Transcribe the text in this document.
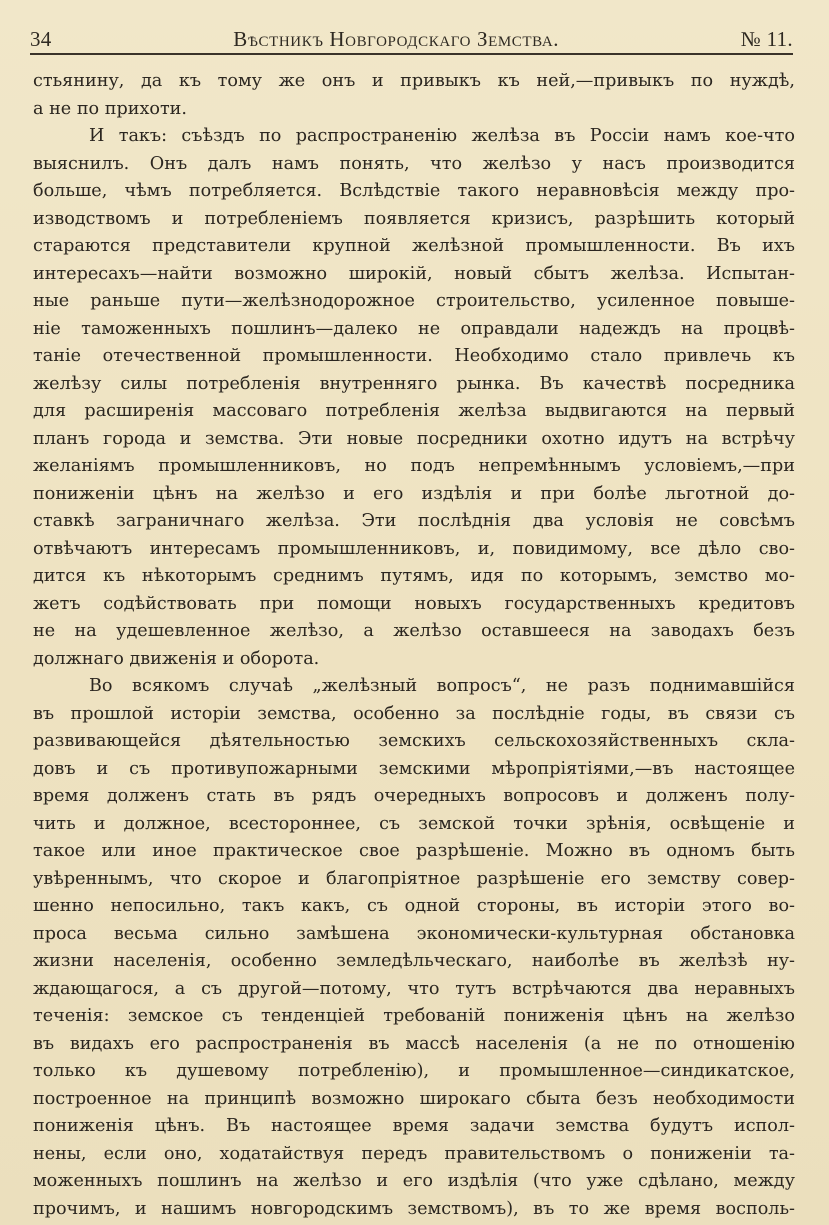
34	Вѣстникъ Новгородскаго Земства.	№ 11.
стьянину, да къ тому же онъ и привыкъ къ ней,—привыкъ по нуждѣ,
а не по прихоти.
И такъ: съѣздъ по распространенію желѣза въ Россіи намъ кое-что
выяснилъ. Онъ далъ намъ понять, что желѣзо у насъ производится
больше, чѣмъ потребляется. Вслѣдствіе такого неравновѣсія между про-
изводствомъ и потребленіемъ появляется кризисъ, разрѣшить который
стараются представители крупной желѣзной промышленности. Въ ихъ
интересахъ—найти возможно широкій, новый сбытъ желѣза. Испытан-
ные раньше пути—желѣзнодорожное строительство, усиленное повыше-
ніе таможенныхъ пошлинъ—далеко не оправдали надеждъ на процвѣ-
таніе отечественной промышленности. Необходимо стало привлечь къ
желѣзу силы потребленія внутренняго рынка. Въ качествѣ посредника
для расширенія массоваго потребленія желѣза выдвигаются на первый
планъ города и земства. Эти новые посредники охотно идутъ на встрѣчу
желаніямъ промышленниковъ, но подъ непремѣннымъ условіемъ,—при
пониженіи цѣнъ на желѣзо и его издѣлія и при болѣе льготной до-
ставкѣ заграничнаго желѣза. Эти послѣднія два условія не совсѣмъ
отвѣчаютъ интересамъ промышленниковъ, и, повидимому, все дѣло сво-
дится къ нѣкоторымъ среднимъ путямъ, идя по которымъ, земство мо-
жетъ содѣйствовать при помощи новыхъ государственныхъ кредитовъ
не на удешевленное желѣзо, а желѣзо оставшееся на заводахъ безъ
должнаго движенія и оборота.
Во всякомъ случаѣ „желѣзный вопросъ“, не разъ поднимавшійся
въ прошлой исторіи земства, особенно за послѣдніе годы, въ связи съ
развивающейся дѣятельностью земскихъ сельскохозяйственныхъ скла-
довъ и съ противупожарными земскими мѣропріятіями,—въ настоящее
время долженъ стать въ рядъ очередныхъ вопросовъ и долженъ полу-
чить и должное, всестороннее, съ земской точки зрѣнія, освѣщеніе и
такое или иное практическое свое разрѣшеніе. Можно въ одномъ быть
увѣреннымъ, что скорое и благопріятное разрѣшеніе его земству совер-
шенно непосильно, такъ какъ, съ одной стороны, въ исторіи этого во-
проса весьма сильно замѣшена экономически-культурная обстановка
жизни населенія, особенно земледѣльческаго, наиболѣе въ желѣзѣ ну-
ждающагося, а съ другой—потому, что тутъ встрѣчаются два неравныхъ
теченія: земское съ тенденціей требованій пониженія цѣнъ на желѣзо
въ видахъ его распространенія въ массѣ населенія (а не по отношенію
только къ душевому потребленію), и промышленное—синдикатское,
построенное на принципѣ возможно широкаго сбыта безъ необходимости
пониженія цѣнъ. Въ настоящее время задачи земства будутъ испол-
нены, если оно, ходатайствуя передъ правительствомъ о пониженіи та-
моженныхъ пошлинъ на желѣзо и его издѣлія (что уже сдѣлано, между
прочимъ, и нашимъ новгородскимъ земствомъ), въ то же время восполь-
